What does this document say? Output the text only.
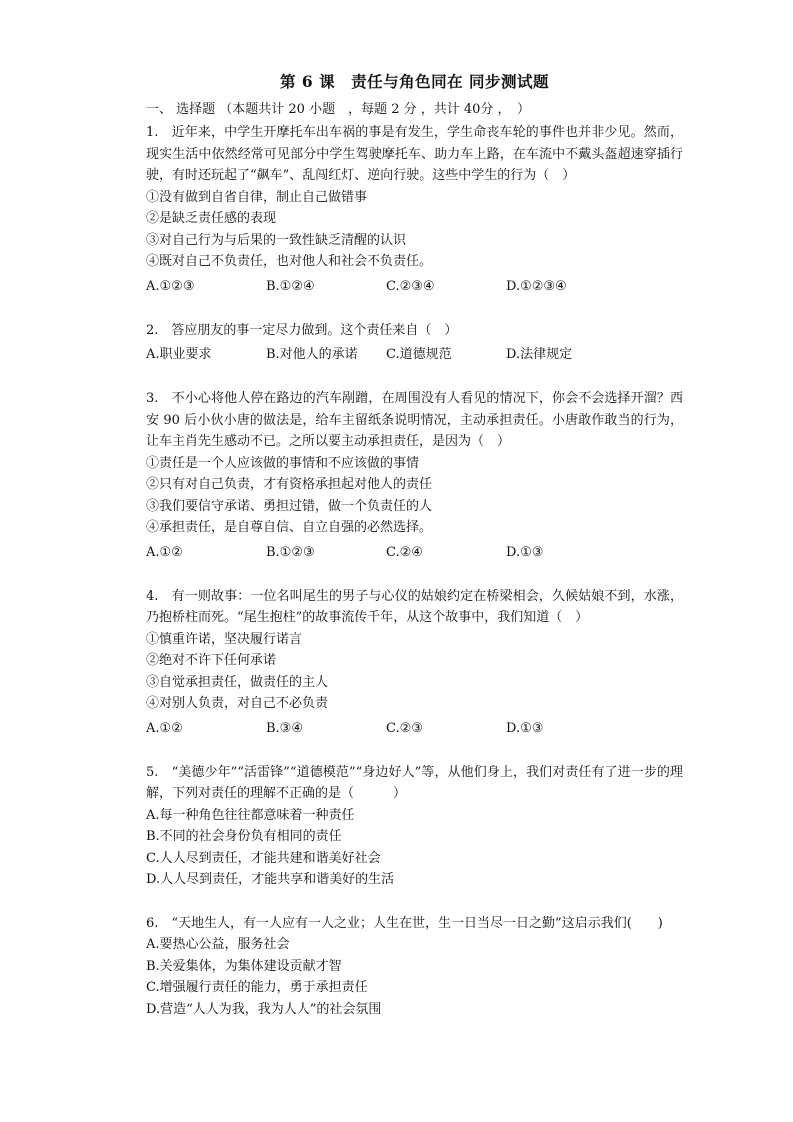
第 6 课　责任与角色同在 同步测试题
一、 选择题 （本题共计 20 小题　，每题 2 分 ，共计 40分 ，　）
1.　近年来，中学生开摩托车出车祸的事是有发生，学生命丧车轮的事件也并非少见。然而，现实生活中依然经常可见部分中学生驾驶摩托车、助力车上路，在车流中不戴头盔超速穿插行驶，有时还玩起了“飙车”、乱闯红灯、逆向行驶。这些中学生的行为（　）
①没有做到自省自律，制止自己做错事
②是缺乏责任感的表现
③对自己行为与后果的一致性缺乏清醒的认识
④既对自己不负责任，也对他人和社会不负责任。
A.①②③	B.①②④	C.②③④	D.①②③④
2.　答应朋友的事一定尽力做到。这个责任来自（　）
A.职业要求	B.对他人的承诺	C.道德规范	D.法律规定
3.　不小心将他人停在路边的汽车剐蹭，在周围没有人看见的情况下，你会不会选择开溜？西安 90 后小伙小唐的做法是，给车主留纸条说明情况，主动承担责任。小唐敢作敢当的行为，让车主肖先生感动不已。之所以要主动承担责任，是因为（　）
①责任是一个人应该做的事情和不应该做的事情
②只有对自己负责，才有资格承担起对他人的责任
③我们要信守承诺、勇担过错，做一个负责任的人
④承担责任，是自尊自信、自立自强的必然选择。
A.①②	B.①②③	C.②④	D.①③
4.　有一则故事：一位名叫尾生的男子与心仪的姑娘约定在桥梁相会，久候姑娘不到，水涨，乃抱桥柱而死。“尾生抱柱”的故事流传千年，从这个故事中，我们知道（　）
①慎重许诺，坚决履行诺言
②绝对不许下任何承诺
③自觉承担责任，做责任的主人
④对别人负责，对自己不必负责
A.①②	B.③④	C.②③	D.①③
5.　“美德少年”“活雷锋”“道德模范”“身边好人”等，从他们身上，我们对责任有了进一步的理解，下列对责任的理解不正确的是（　　　）
A.每一种角色往往都意味着一种责任
B.不同的社会身份负有相同的责任
C.人人尽到责任，才能共建和谐美好社会
D.人人尽到责任，才能共享和谐美好的生活
6.　“天地生人，有一人应有一人之业；人生在世，生一日当尽一日之勤”这启示我们(　　)
A.要热心公益，服务社会
B.关爱集体，为集体建设贡献才智
C.增强履行责任的能力，勇于承担责任
D.营造“人人为我，我为人人”的社会氛围
